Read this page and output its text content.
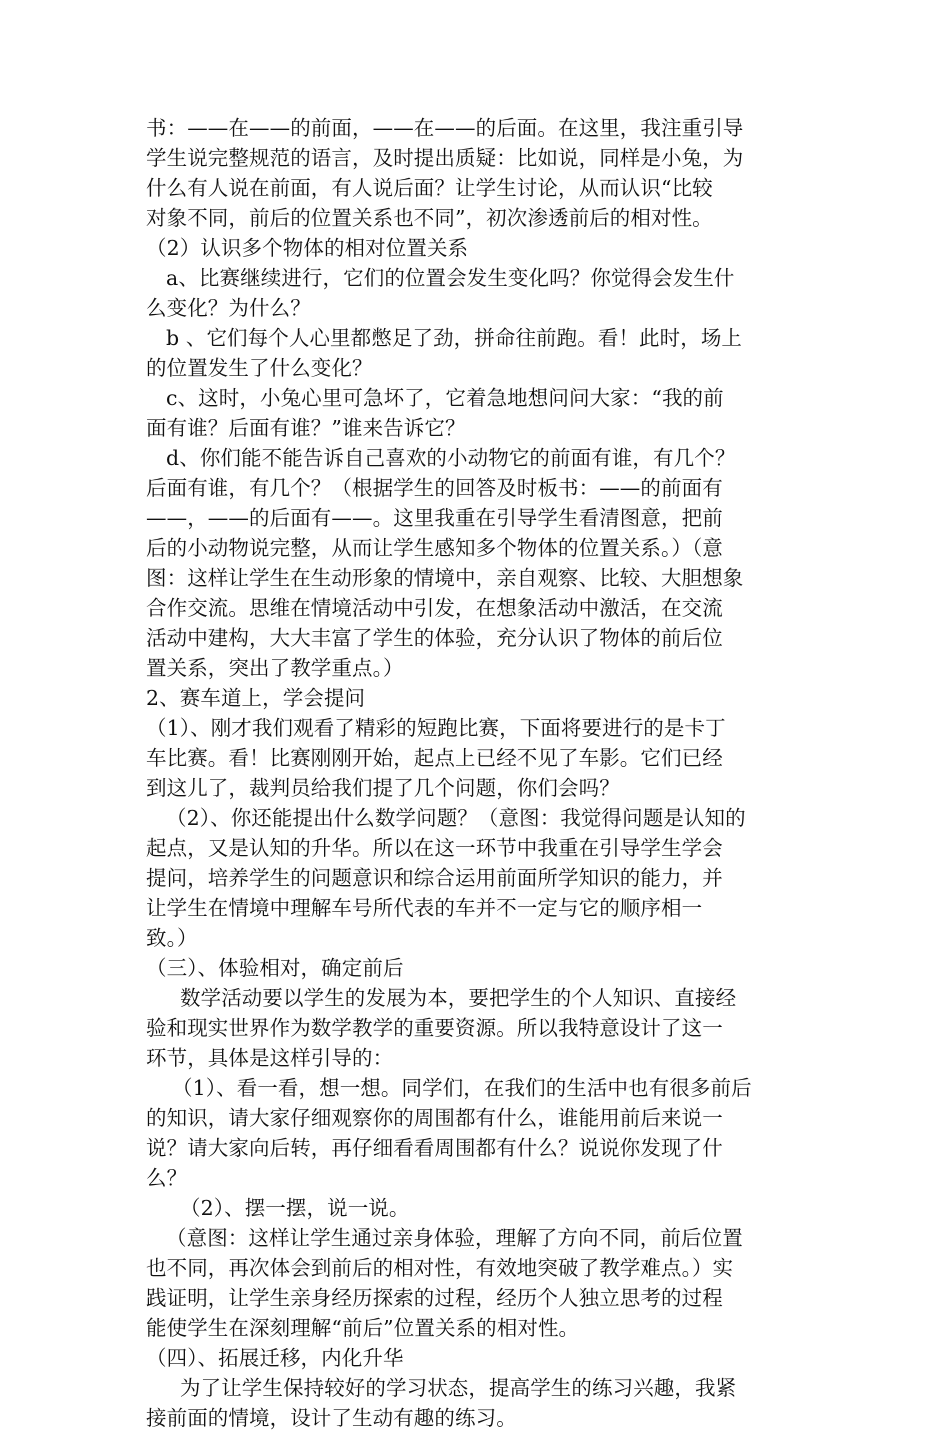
书：——在——的前面，——在——的后面。在这里，我注重引导
学生说完整规范的语言，及时提出质疑：比如说，同样是小兔，为
什么有人说在前面，有人说后面？让学生讨论，从而认识“比较
对象不同，前后的位置关系也不同”，初次渗透前后的相对性。
（2）认识多个物体的相对位置关系
a、比赛继续进行，它们的位置会发生变化吗？你觉得会发生什
么变化？为什么？
b 、它们每个人心里都憋足了劲，拼命往前跑。看！此时，场上
的位置发生了什么变化？
c、这时，小兔心里可急坏了，它着急地想问问大家：“我的前
面有谁？后面有谁？”谁来告诉它？
d、你们能不能告诉自己喜欢的小动物它的前面有谁，有几个？
后面有谁，有几个？（根据学生的回答及时板书：——的前面有
——，——的后面有——。这里我重在引导学生看清图意，把前
后的小动物说完整，从而让学生感知多个物体的位置关系。）（意
图：这样让学生在生动形象的情境中，亲自观察、比较、大胆想象
合作交流。思维在情境活动中引发，在想象活动中激活，在交流
活动中建构，大大丰富了学生的体验，充分认识了物体的前后位
置关系，突出了教学重点。）
2、赛车道上，学会提问
（1）、刚才我们观看了精彩的短跑比赛，下面将要进行的是卡丁
车比赛。看！比赛刚刚开始，起点上已经不见了车影。它们已经
到这儿了，裁判员给我们提了几个问题，你们会吗？
（2）、你还能提出什么数学问题？（意图：我觉得问题是认知的
起点，又是认知的升华。所以在这一环节中我重在引导学生学会
提问，培养学生的问题意识和综合运用前面所学知识的能力，并
让学生在情境中理解车号所代表的车并不一定与它的顺序相一
致。）
（三）、体验相对，确定前后
数学活动要以学生的发展为本，要把学生的个人知识、直接经
验和现实世界作为数学教学的重要资源。所以我特意设计了这一
环节，具体是这样引导的：
（1）、看一看，想一想。同学们，在我们的生活中也有很多前后
的知识，请大家仔细观察你的周围都有什么，谁能用前后来说一
说？请大家向后转，再仔细看看周围都有什么？说说你发现了什
么？
（2）、摆一摆，说一说。
（意图：这样让学生通过亲身体验，理解了方向不同，前后位置
也不同，再次体会到前后的相对性，有效地突破了教学难点。）实
践证明，让学生亲身经历探索的过程，经历个人独立思考的过程
能使学生在深刻理解“前后”位置关系的相对性。
（四）、拓展迁移，内化升华
为了让学生保持较好的学习状态，提高学生的练习兴趣，我紧
接前面的情境，设计了生动有趣的练习。
